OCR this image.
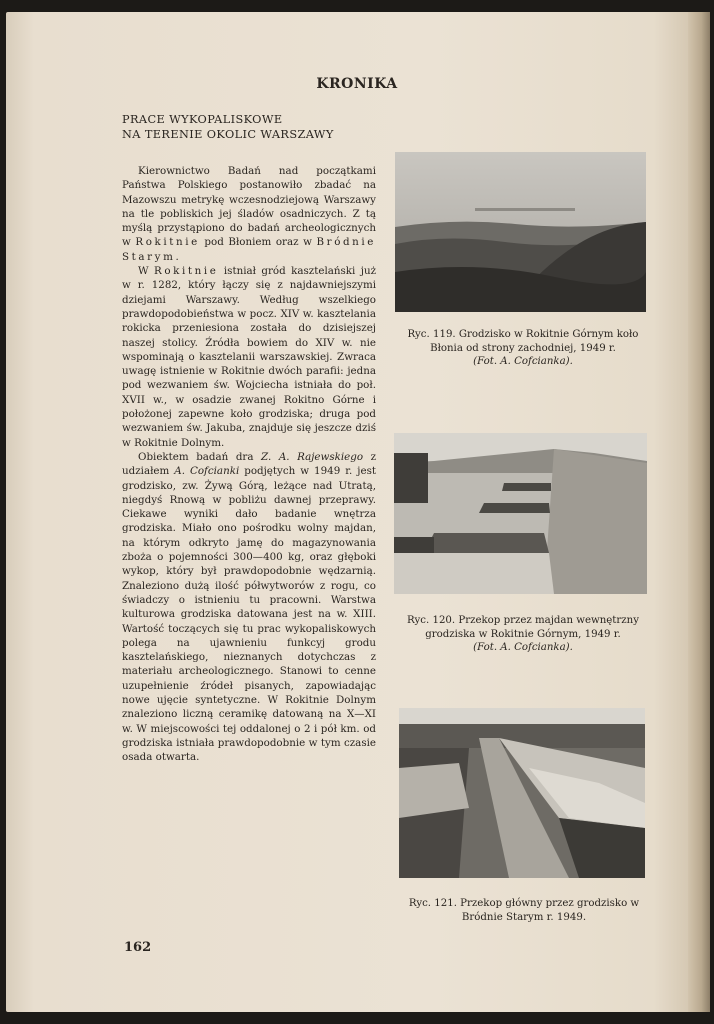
KRONIKA
PRACE WYKOPALISKOWE
NA TERENIE OKOLIC WARSZAWY

Kierownictwo Badań nad początkami Państwa Polskiego postanowiło zbadać na Mazowszu metrykę wczesnodziejową Warszawy na tle pobliskich jej śladów osadniczych. Z tą myślą przystąpiono do badań archeologicznych w Rokitnie pod Błoniem oraz w Bródnie Starym.

W Rokitnie istniał gród kasztelański już w r. 1282, który łączy się z najdawniejszymi dziejami Warszawy. Według wszelkiego prawdopodobieństwa w pocz. XIV w. kasztelania rokicka przeniesiona została do dzisiejszej naszej stolicy. Źródła bowiem do XIV w. nie wspominają o kasztelanii warszawskiej. Zwraca uwagę istnienie w Rokitnie dwóch parafii: jedna pod wezwaniem św. Wojciecha istniała do poł. XVII w., w osadzie zwanej Rokitno Górne i położonej zapewne koło grodziska; druga pod wezwaniem św. Jakuba, znajduje się jeszcze dziś w Rokitnie Dolnym.

Obiektem badań dra Z. A. Rajewskiego z udziałem A. Cofcianki podjętych w 1949 r. jest grodzisko, zw. Żywą Górą, leżące nad Utratą, niegdyś Rnową w pobliżu dawnej przeprawy. Ciekawe wyniki dało badanie wnętrza grodziska. Miało ono pośrodku wolny majdan, na którym odkryto jamę do magazynowania zboża o pojemności 300—400 kg, oraz głęboki wykop, który był prawdopodobnie wędzarnią. Znaleziono dużą ilość półwytworów z rogu, co świadczy o istnieniu tu pracowni. Warstwa kulturowa grodziska datowana jest na w. XIII. Wartość toczących się tu prac wykopaliskowych polega na ujawnieniu funkcyj grodu kasztelańskiego, nieznanych dotychczas z materiału archeologicznego. Stanowi to cenne uzupełnienie źródeł pisanych, zapowiadając nowe ujęcie syntetyczne. W Rokitnie Dolnym znaleziono liczną ceramikę datowaną na X—XI w. W miejscowości tej oddalonej o 2 i pół km. od grodziska istniała prawdopodobnie w tym czasie osada otwarta.

Ryc. 119. Grodzisko w Rokitnie Górnym koło Błonia od strony zachodniej, 1949 r.
(Fot. A. Cofcianka).
Ryc. 120. Przekop przez majdan wewnętrzny grodziska w Rokitnie Górnym, 1949 r.
(Fot. A. Cofcianka).
Ryc. 121. Przekop główny przez grodzisko w Bródnie Starym r. 1949.
162
